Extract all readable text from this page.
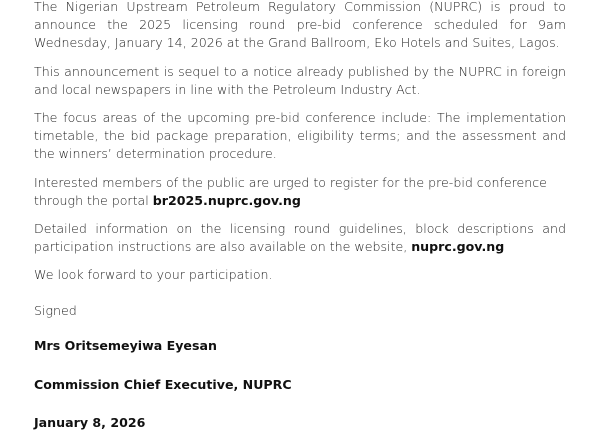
The Nigerian Upstream Petroleum Regulatory Commission (NUPRC) is proud to announce the 2025 licensing round pre-bid conference scheduled for 9am Wednesday, January 14, 2026 at the Grand Ballroom, Eko Hotels and Suites, Lagos.

This announcement is sequel to a notice already published by the NUPRC in foreign and local newspapers in line with the Petroleum Industry Act.

The focus areas of the upcoming pre-bid conference include: The implementation timetable, the bid package preparation, eligibility terms; and the assessment and the winners’ determination procedure.

Interested members of the public are urged to register for the pre-bid conference through the portal br2025.nuprc.gov.ng

Detailed information on the licensing round guidelines, block descriptions and participation instructions are also available on the website, nuprc.gov.ng

We look forward to your participation.

Signed

Mrs Oritsemeyiwa Eyesan

Commission Chief Executive, NUPRC

January 8, 2026
